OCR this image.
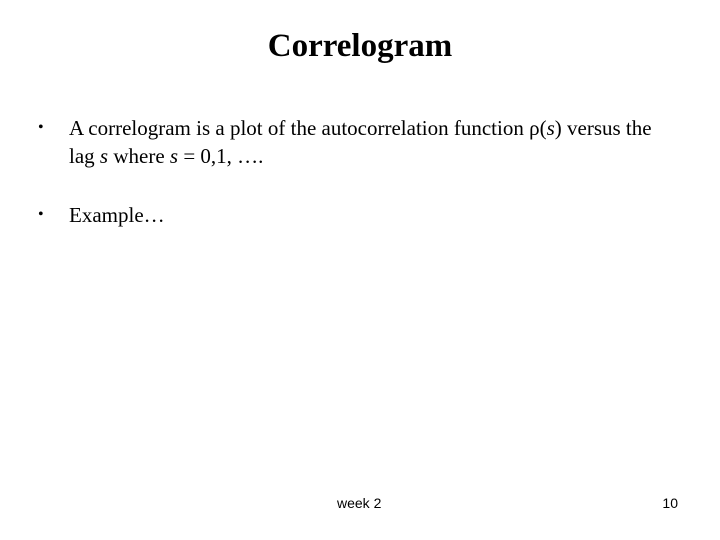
Correlogram
• A correlogram is a plot of the autocorrelation function ρ(s) versus the lag s where s = 0,1, ….
• Example…
week 2	10
